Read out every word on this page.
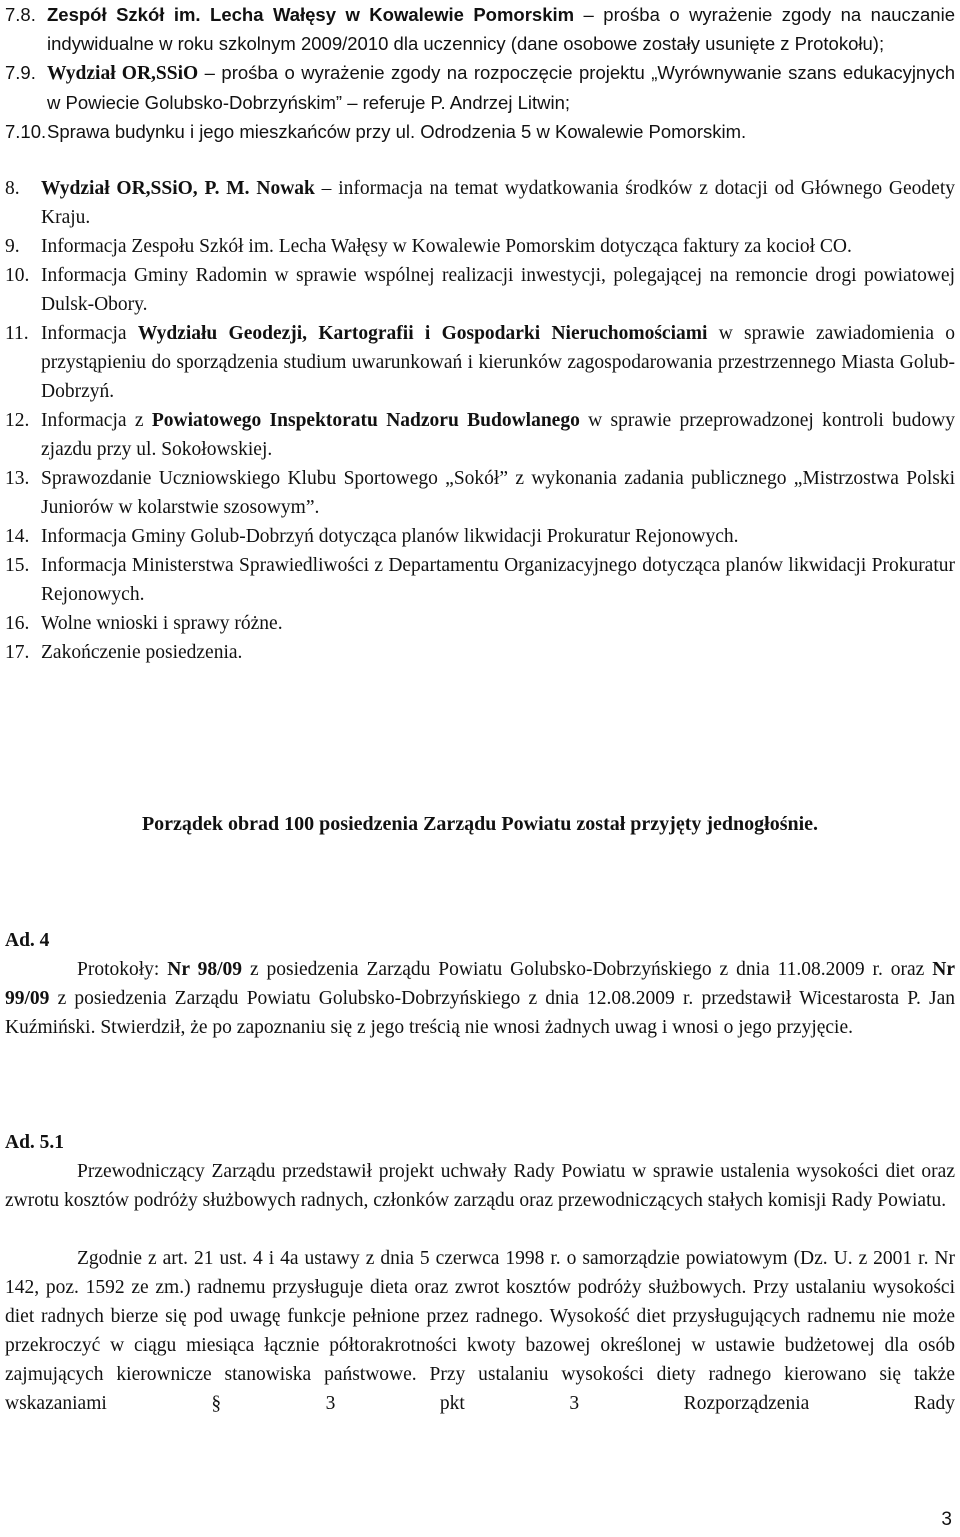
7.8. Zespół Szkół im. Lecha Wałęsy w Kowalewie Pomorskim – prośba o wyrażenie zgody na nauczanie indywidualne w roku szkolnym 2009/2010 dla uczennicy (dane osobowe zostały usunięte z Protokołu);
7.9. Wydział OR,SSiO – prośba o wyrażenie zgody na rozpoczęcie projektu „Wyrównywanie szans edukacyjnych w Powiecie Golubsko-Dobrzyńskim” – referuje P. Andrzej Litwin;
7.10. Sprawa budynku i jego mieszkańców przy ul. Odrodzenia 5 w Kowalewie Pomorskim.
8. Wydział OR,SSiO, P. M. Nowak – informacja na temat wydatkowania środków z dotacji od Głównego Geodety Kraju.
9. Informacja Zespołu Szkół im. Lecha Wałęsy w Kowalewie Pomorskim dotycząca faktury za kocioł CO.
10. Informacja Gminy Radomin w sprawie wspólnej realizacji inwestycji, polegającej na remoncie drogi powiatowej Dulsk-Obory.
11. Informacja Wydziału Geodezji, Kartografii i Gospodarki Nieruchomościami w sprawie zawiadomienia o przystąpieniu do sporządzenia studium uwarunkowań i kierunków zagospodarowania przestrzennego Miasta Golub-Dobrzyń.
12. Informacja z Powiatowego Inspektoratu Nadzoru Budowlanego w sprawie przeprowadzonej kontroli budowy zjazdu przy ul. Sokołowskiej.
13. Sprawozdanie Uczniowskiego Klubu Sportowego „Sokół” z wykonania zadania publicznego „Mistrzostwa Polski Juniorów w kolarstwie szosowym”.
14. Informacja Gminy Golub-Dobrzyń dotycząca planów likwidacji Prokuratur Rejonowych.
15. Informacja Ministerstwa Sprawiedliwości z Departamentu Organizacyjnego dotycząca planów likwidacji Prokuratur Rejonowych.
16. Wolne wnioski i sprawy różne.
17. Zakończenie posiedzenia.
Porządek obrad 100 posiedzenia Zarządu Powiatu został przyjęty jednogłośnie.
Ad. 4
Protokoły: Nr 98/09 z posiedzenia Zarządu Powiatu Golubsko-Dobrzyńskiego z dnia 11.08.2009 r. oraz Nr 99/09 z posiedzenia Zarządu Powiatu Golubsko-Dobrzyńskiego z dnia 12.08.2009 r. przedstawił Wicestarosta P. Jan Kuźmiński. Stwierdził, że po zapoznaniu się z jego treścią nie wnosi żadnych uwag i wnosi o jego przyjęcie.
Ad. 5.1
Przewodniczący Zarządu przedstawił projekt uchwały Rady Powiatu w sprawie ustalenia wysokości diet oraz zwrotu kosztów podróży służbowych radnych, członków zarządu oraz przewodniczących stałych komisji Rady Powiatu.
Zgodnie z art. 21 ust. 4 i 4a ustawy z dnia 5 czerwca 1998 r. o samorządzie powiatowym (Dz. U. z 2001 r. Nr 142, poz. 1592 ze zm.) radnemu przysługuje dieta oraz zwrot kosztów podróży służbowych. Przy ustalaniu wysokości diet radnych bierze się pod uwagę funkcje pełnione przez radnego. Wysokość diet przysługujących radnemu nie może przekroczyć w ciągu miesiąca łącznie półtorakrotności kwoty bazowej określonej w ustawie budżetowej dla osób zajmujących kierownicze stanowiska państwowe. Przy ustalaniu wysokości diety radnego kierowano się także wskazaniami § 3 pkt 3 Rozporządzenia Rady
3
